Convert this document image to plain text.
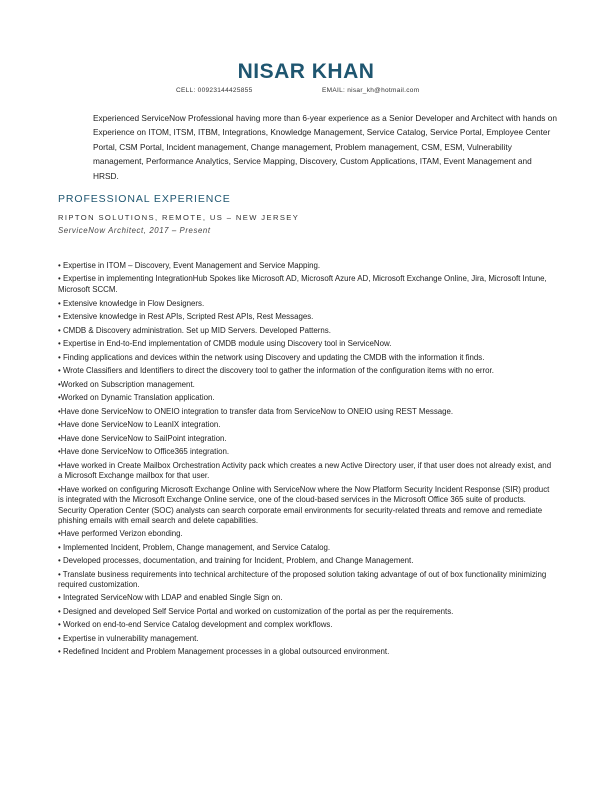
NISAR KHAN
CELL: 00923144425855	EMAIL: nisar_kh@hotmail.com
Experienced ServiceNow Professional having more than 6-year experience as a Senior Developer and Architect with hands on Experience on ITOM, ITSM, ITBM, Integrations, Knowledge Management, Service Catalog, Service Portal, Employee Center Portal, CSM Portal, Incident management, Change management, Problem management, CSM, ESM, Vulnerability management, Performance Analytics, Service Mapping, Discovery, Custom Applications, ITAM, Event Management and HRSD.
PROFESSIONAL EXPERIENCE
RIPTON SOLUTIONS, REMOTE, US – NEW JERSEY
ServiceNow Architect, 2017 – Present
• Expertise in ITOM – Discovery, Event Management and Service Mapping.
• Expertise in implementing IntegrationHub Spokes like Microsoft AD, Microsoft Azure AD, Microsoft Exchange Online, Jira, Microsoft Intune, Microsoft SCCM.
• Extensive knowledge in Flow Designers.
• Extensive knowledge in Rest APIs, Scripted Rest APIs, Rest Messages.
• CMDB & Discovery administration. Set up MID Servers. Developed Patterns.
• Expertise in End-to-End implementation of CMDB module using Discovery tool in ServiceNow.
• Finding applications and devices within the network using Discovery and updating the CMDB with the information it finds.
• Wrote Classifiers and Identifiers to direct the discovery tool to gather the information of the configuration items with no error.
•Worked on Subscription management.
•Worked on Dynamic Translation application.
•Have done ServiceNow to ONEIO integration to transfer data from ServiceNow to ONEIO using REST Message.
•Have done ServiceNow to LeanIX integration.
•Have done ServiceNow to SailPoint integration.
•Have done ServiceNow to Office365 integration.
•Have worked in Create Mailbox Orchestration Activity pack which creates a new Active Directory user, if that user does not already exist, and a Microsoft Exchange mailbox for that user.
•Have worked on configuring Microsoft Exchange Online with ServiceNow where the Now Platform Security Incident Response (SIR) product is integrated with the Microsoft Exchange Online service, one of the cloud-based services in the Microsoft Office 365 suite of products. Security Operation Center (SOC) analysts can search corporate email environments for security-related threats and remove and remediate phishing emails with email search and delete capabilities.
•Have performed Verizon ebonding.
• Implemented Incident, Problem, Change management, and Service Catalog.
• Developed processes, documentation, and training for Incident, Problem, and Change Management.
• Translate business requirements into technical architecture of the proposed solution taking advantage of out of box functionality minimizing required customization.
• Integrated ServiceNow with LDAP and enabled Single Sign on.
• Designed and developed Self Service Portal and worked on customization of the portal as per the requirements.
• Worked on end-to-end Service Catalog development and complex workflows.
• Expertise in vulnerability management.
• Redefined Incident and Problem Management processes in a global outsourced environment.
